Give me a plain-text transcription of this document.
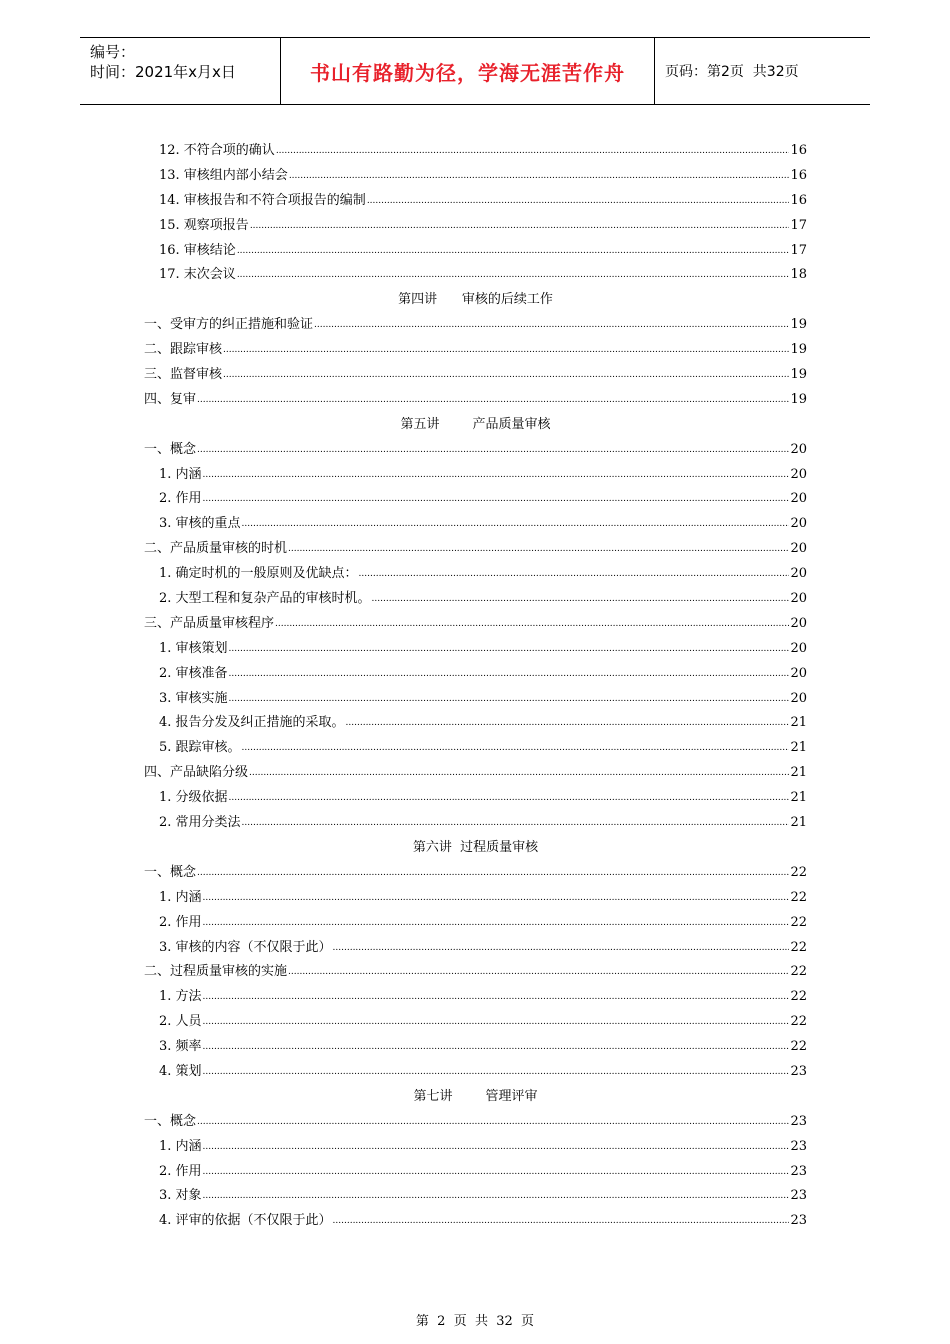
编号：
时间：2021年x月x日	书山有路勤为径，学海无涯苦作舟	页码：第2页  共32页
12. 不符合项的确认 .....	16
13. 审核组内部小结会 .....	16
14. 审核报告和不符合项报告的编制 .....	16
15. 观察项报告 .....	17
16. 审核结论 .....	17
17. 末次会议 .....	18
第四讲      审核的后续工作
一、受审方的纠正措施和验证 .....	19
二、跟踪审核 .....	19
三、监督审核 .....	19
四、复审 .....	19
第五讲        产品质量审核
一、概念 .....	20
1. 内涵 .....	20
2. 作用 .....	20
3. 审核的重点 .....	20
二、产品质量审核的时机 .....	20
1. 确定时机的一般原则及优缺点： .....	20
2. 大型工程和复杂产品的审核时机。 .....	20
三、产品质量审核程序 .....	20
1. 审核策划 .....	20
2. 审核准备 .....	20
3. 审核实施 .....	20
4. 报告分发及纠正措施的采取。 .....	21
5. 跟踪审核。 .....	21
四、产品缺陷分级 .....	21
1. 分级依据 .....	21
2. 常用分类法 .....	21
第六讲  过程质量审核
一、概念 .....	22
1. 内涵 .....	22
2. 作用 .....	22
3. 审核的内容（不仅限于此） .....	22
二、过程质量审核的实施 .....	22
1. 方法 .....	22
2. 人员 .....	22
3. 频率 .....	22
4. 策划 .....	23
第七讲        管理评审
一、概念 .....	23
1. 内涵 .....	23
2. 作用 .....	23
3. 对象 .....	23
4. 评审的依据（不仅限于此） .....	23
第  2  页  共  32  页
